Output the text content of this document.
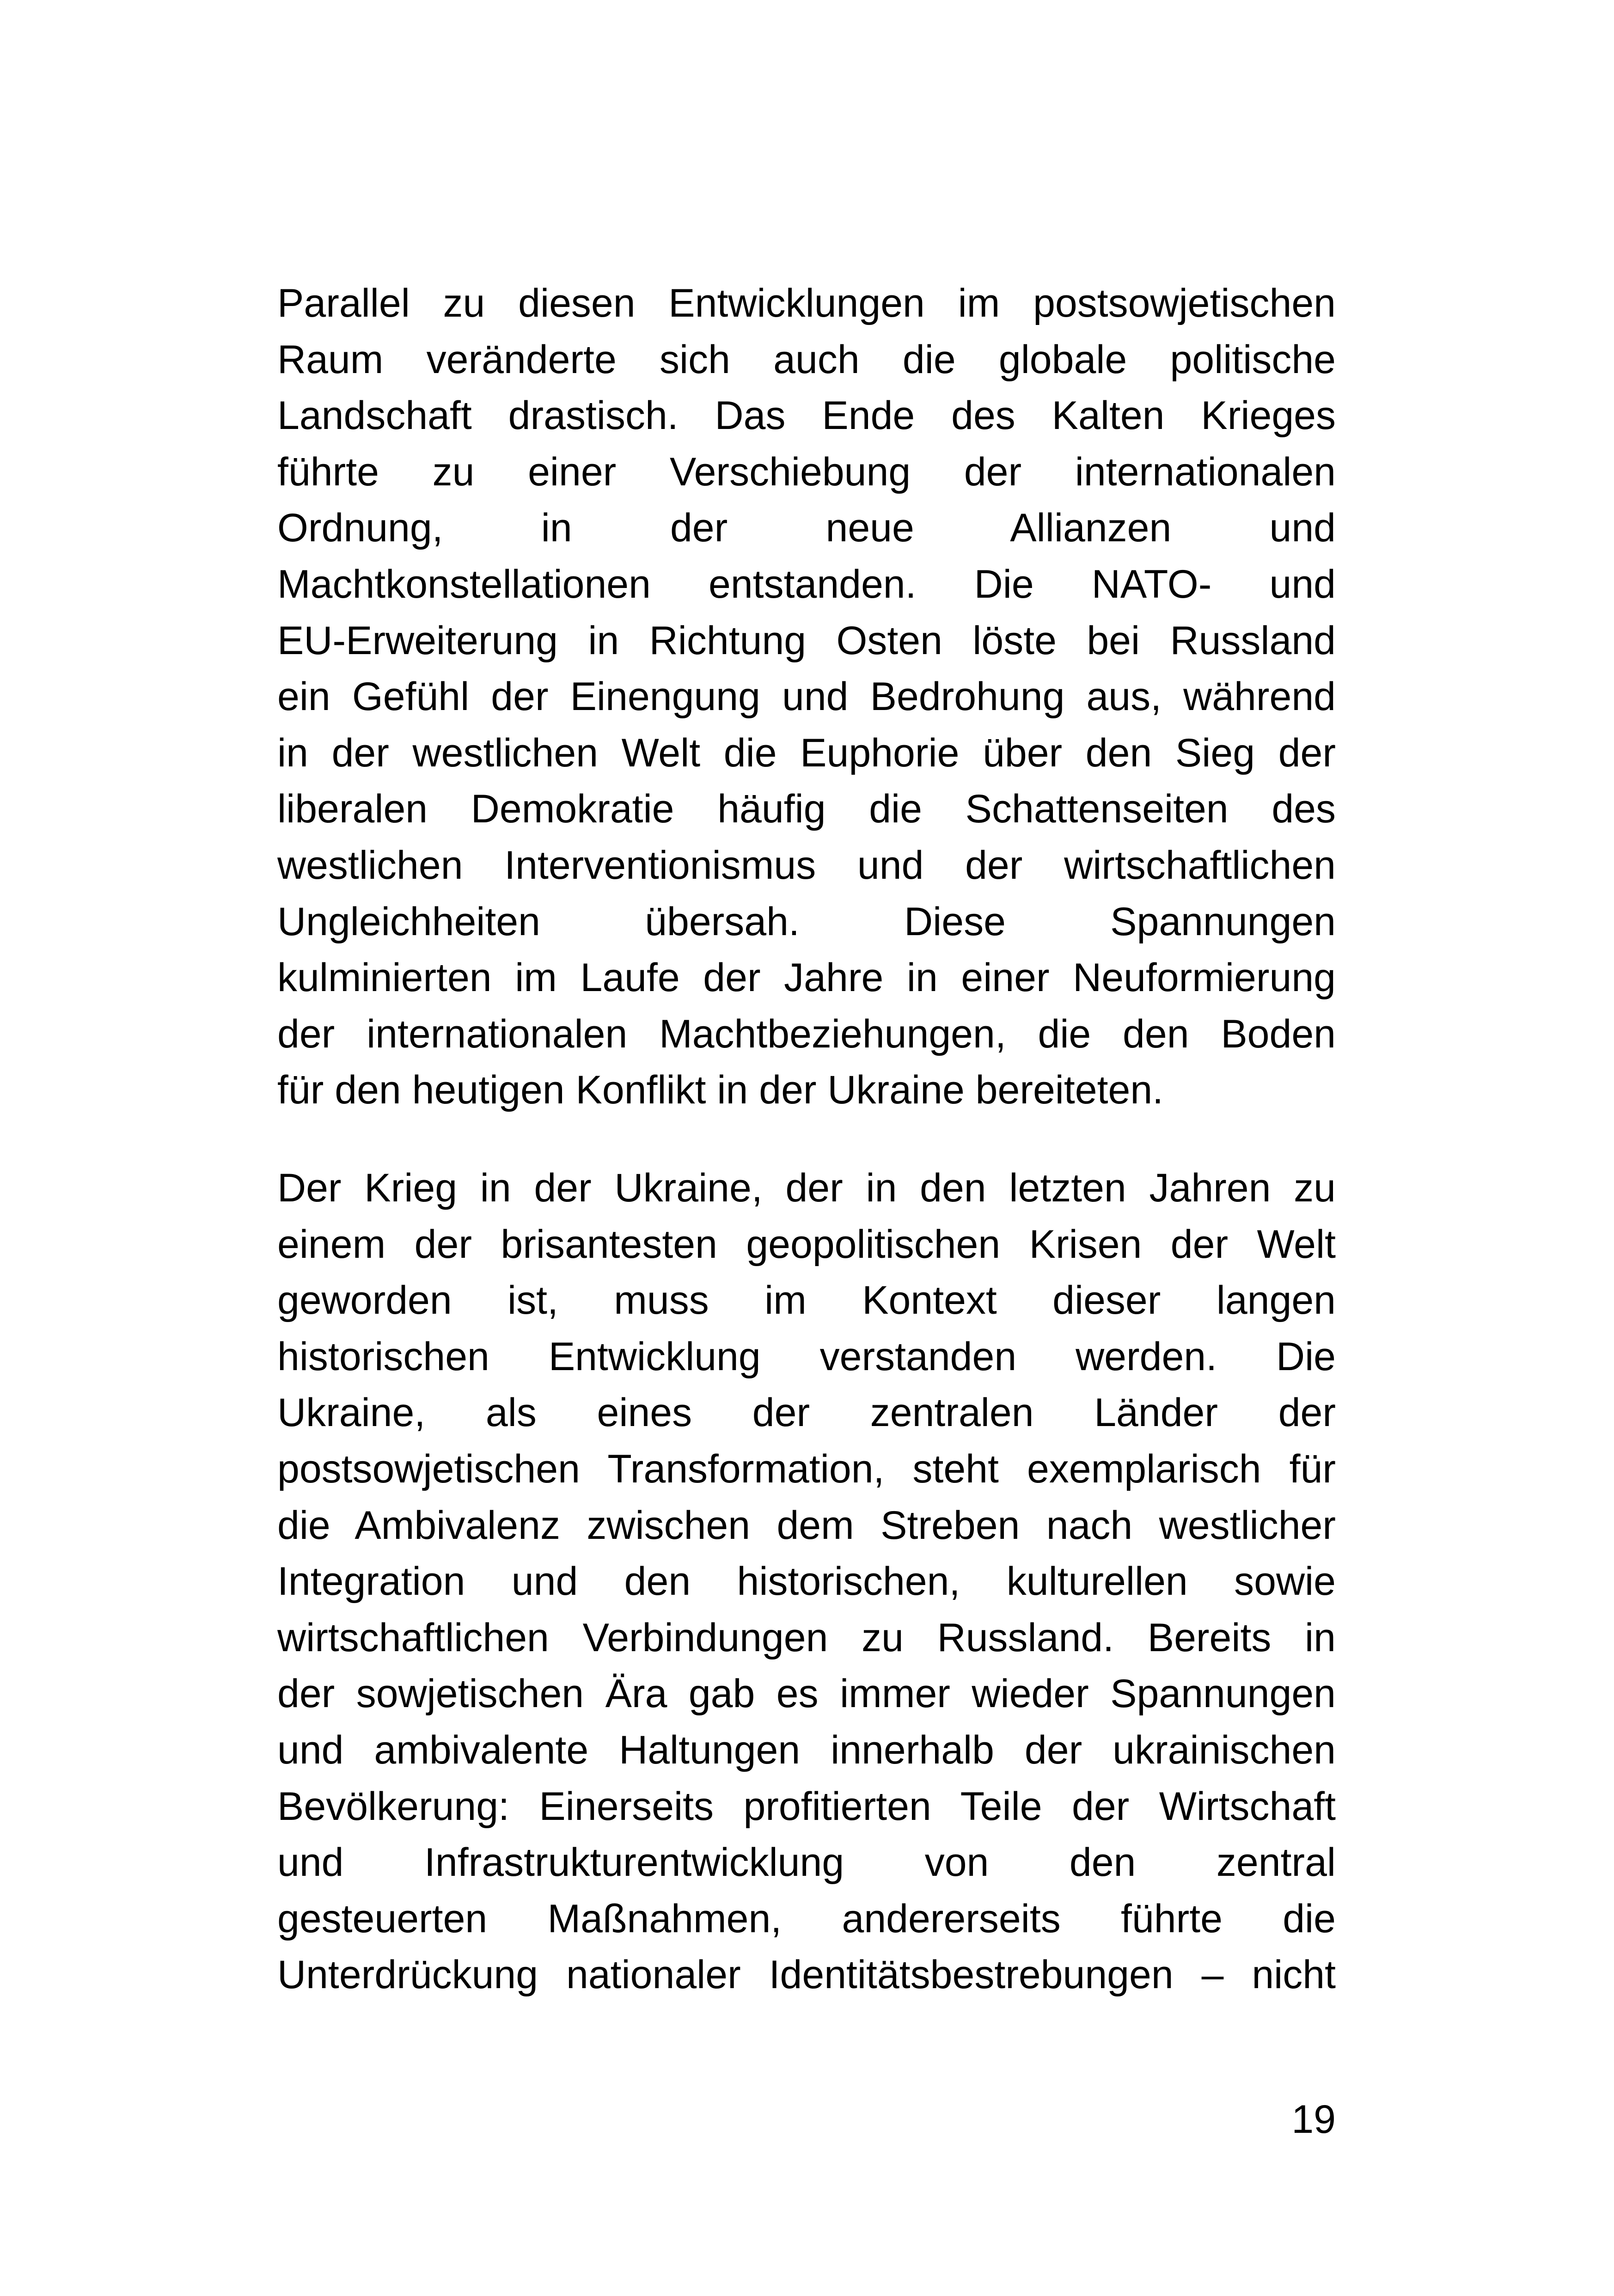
Parallel zu diesen Entwicklungen im postsowjetischen
Raum veränderte sich auch die globale politische
Landschaft drastisch. Das Ende des Kalten Krieges
führte zu einer Verschiebung der internationalen
Ordnung, in der neue Allianzen und
Machtkonstellationen entstanden. Die NATO- und
EU-Erweiterung in Richtung Osten löste bei Russland
ein Gefühl der Einengung und Bedrohung aus, während
in der westlichen Welt die Euphorie über den Sieg der
liberalen Demokratie häufig die Schattenseiten des
westlichen Interventionismus und der wirtschaftlichen
Ungleichheiten übersah. Diese Spannungen
kulminierten im Laufe der Jahre in einer Neuformierung
der internationalen Machtbeziehungen, die den Boden
für den heutigen Konflikt in der Ukraine bereiteten.
Der Krieg in der Ukraine, der in den letzten Jahren zu
einem der brisantesten geopolitischen Krisen der Welt
geworden ist, muss im Kontext dieser langen
historischen Entwicklung verstanden werden. Die
Ukraine, als eines der zentralen Länder der
postsowjetischen Transformation, steht exemplarisch für
die Ambivalenz zwischen dem Streben nach westlicher
Integration und den historischen, kulturellen sowie
wirtschaftlichen Verbindungen zu Russland. Bereits in
der sowjetischen Ära gab es immer wieder Spannungen
und ambivalente Haltungen innerhalb der ukrainischen
Bevölkerung: Einerseits profitierten Teile der Wirtschaft
und Infrastrukturentwicklung von den zentral
gesteuerten Maßnahmen, andererseits führte die
Unterdrückung nationaler Identitätsbestrebungen – nicht

19
